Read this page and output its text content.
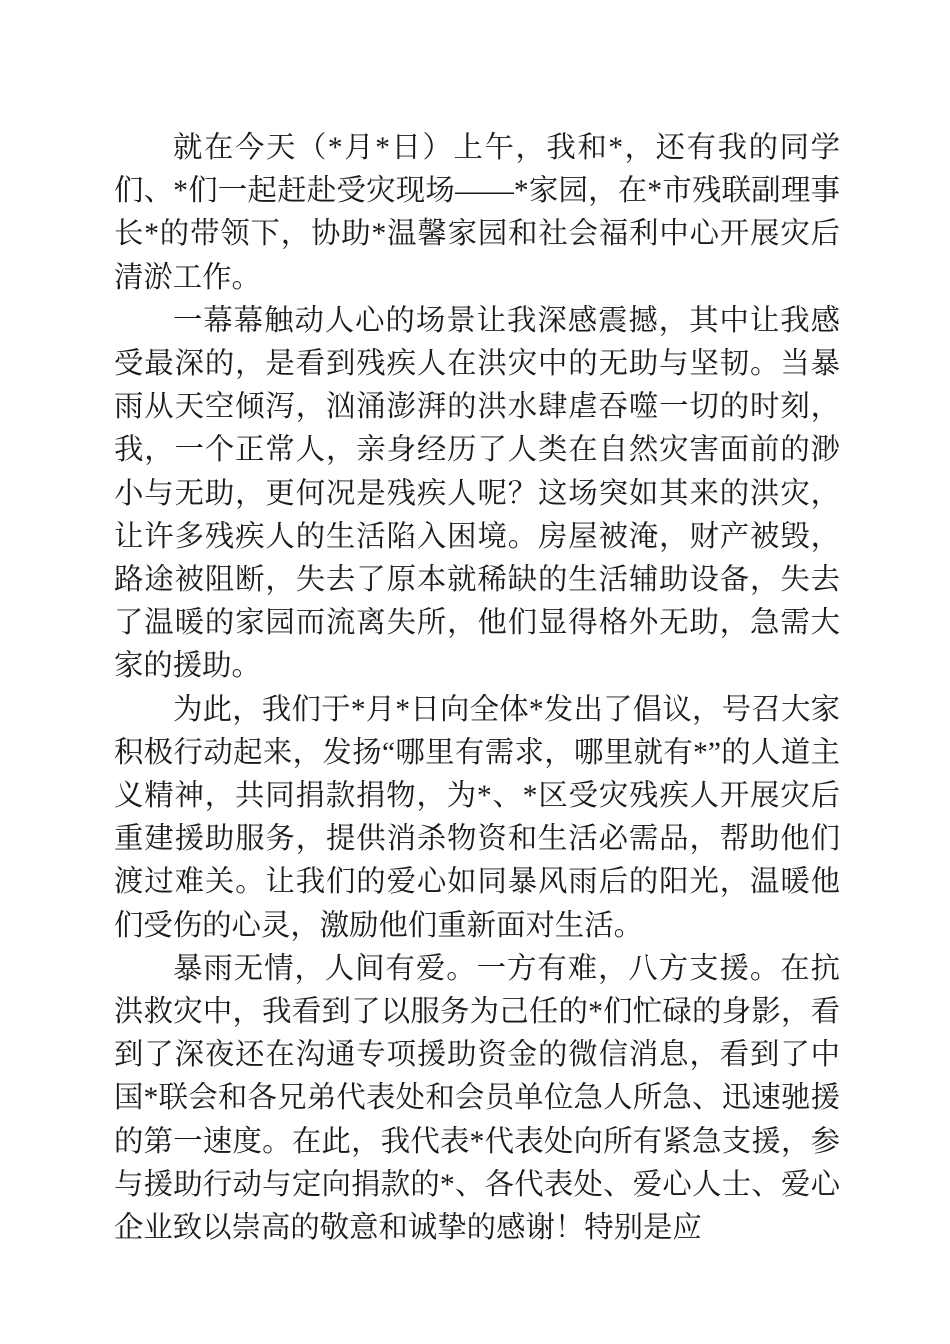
就在今天（*月*日）上午，我和*，还有我的同学们、*们一起赶赴受灾现场——*家园，在*市残联副理事长*的带领下，协助*温馨家园和社会福利中心开展灾后清淤工作。

一幕幕触动人心的场景让我深感震撼，其中让我感受最深的，是看到残疾人在洪灾中的无助与坚韧。当暴雨从天空倾泻，汹涌澎湃的洪水肆虐吞噬一切的时刻，我，一个正常人，亲身经历了人类在自然灾害面前的渺小与无助，更何况是残疾人呢？这场突如其来的洪灾，让许多残疾人的生活陷入困境。房屋被淹，财产被毁，路途被阻断，失去了原本就稀缺的生活辅助设备，失去了温暖的家园而流离失所，他们显得格外无助，急需大家的援助。

为此，我们于*月*日向全体*发出了倡议，号召大家积极行动起来，发扬“哪里有需求，哪里就有*”的人道主义精神，共同捐款捐物，为*、*区受灾残疾人开展灾后重建援助服务，提供消杀物资和生活必需品，帮助他们渡过难关。让我们的爱心如同暴风雨后的阳光，温暖他们受伤的心灵，激励他们重新面对生活。

暴雨无情，人间有爱。一方有难，八方支援。在抗洪救灾中，我看到了以服务为己任的*们忙碌的身影，看到了深夜还在沟通专项援助资金的微信消息，看到了中国*联会和各兄弟代表处和会员单位急人所急、迅速驰援的第一速度。在此，我代表*代表处向所有紧急支援，参与援助行动与定向捐款的*、各代表处、爱心人士、爱心企业致以崇高的敬意和诚挚的感谢！特别是应
